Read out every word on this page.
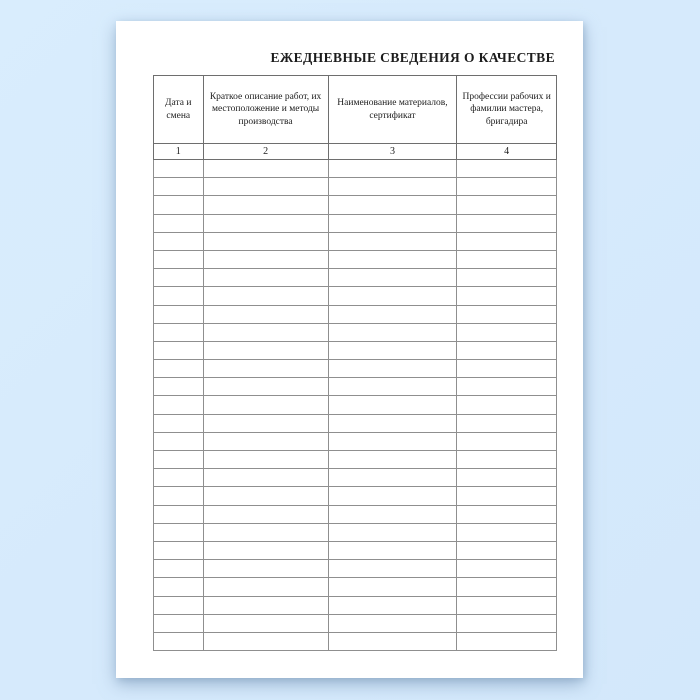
ЕЖЕДНЕВНЫЕ СВЕДЕНИЯ О КАЧЕСТВЕ
Дата и смена	Краткое описание работ, их местоположение и методы производства	Наименование материалов, сертификат	Профессии рабочих и фамилии мастера, бригадира
1	2	3	4
